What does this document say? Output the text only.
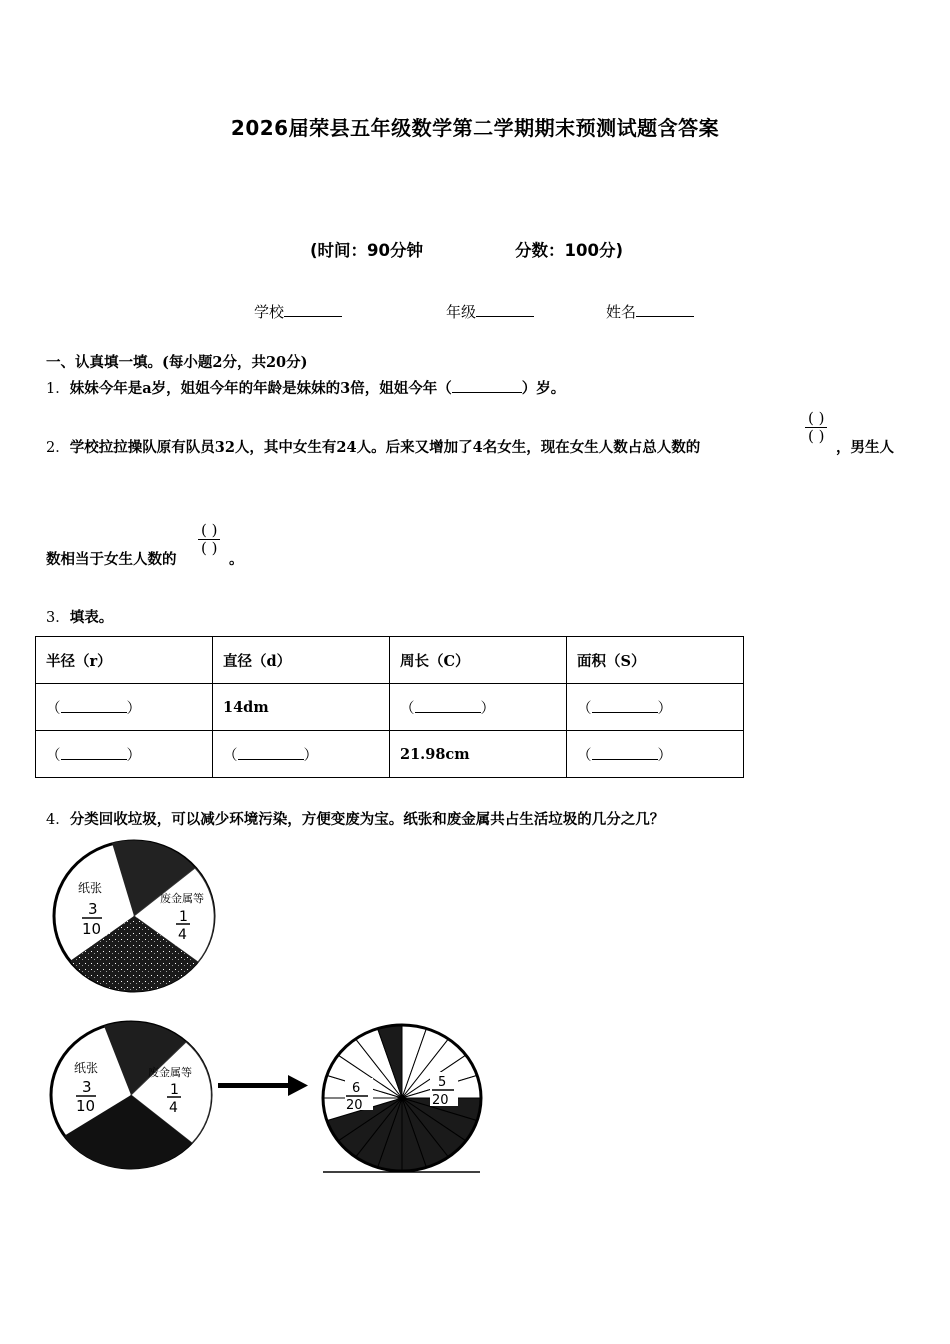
2026届荣县五年级数学第二学期期末预测试题含答案
(时间：90分钟	分数：100分)
学校	年级	姓名
一、认真填一填。(每小题2分，共20分)
1．妹妹今年是a岁，姐姐今年的年龄是妹妹的3倍，姐姐今年（	）岁。
2．学校拉拉操队原有队员32人，其中女生有24人。后来又增加了4名女生，现在女生人数占总人数的
$\frac{( )}{( )}$
，男生人
数相当于女生人数的
$\frac{( )}{( )}$
。
3．填表。
半径（r）	直径（d）	周长（C）	面积（S）
（ ）	14dm	（ ）	（ ）
（ ）	（ ）	21.98cm	（ ）
4．分类回收垃圾，可以减少环境污染，方便变废为宝。纸张和废金属共占生活垃圾的几分之几？
纸张
3
10
废金属等
1
4
纸张
3
10
废金属等
1
4
6
20
5
20
